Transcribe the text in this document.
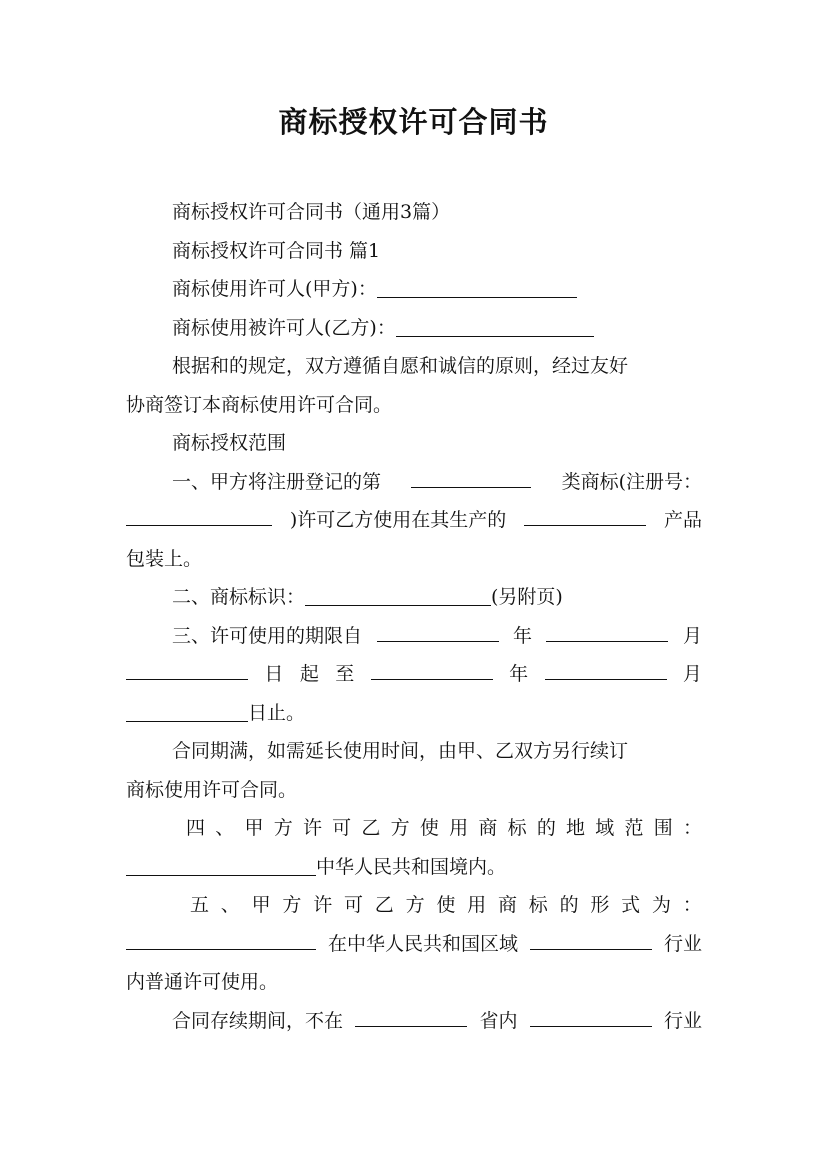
商标授权许可合同书
商标授权许可合同书（通用3篇）
商标授权许可合同书 篇1
商标使用许可人(甲方)：
商标使用被许可人(乙方)：
根据和的规定，双方遵循自愿和诚信的原则，经过友好
协商签订本商标使用许可合同。
商标授权范围
一、甲方将注册登记的第	类商标(注册号：
)许可乙方使用在其生产的	产品
包装上。
二、商标标识：	(另附页)
三、许可使用的期限自	年	月
日 起 至	年	月
日止。
合同期满，如需延长使用时间，由甲、乙双方另行续订
商标使用许可合同。
四 、 甲 方 许 可 乙 方 使 用 商 标 的 地 域 范 围 ：
中华人民共和国境内。
五 、 甲 方 许 可 乙 方 使 用 商 标 的 形 式 为 ：
在中华人民共和国区域	行业
内普通许可使用。
合同存续期间，不在	省内	行业
